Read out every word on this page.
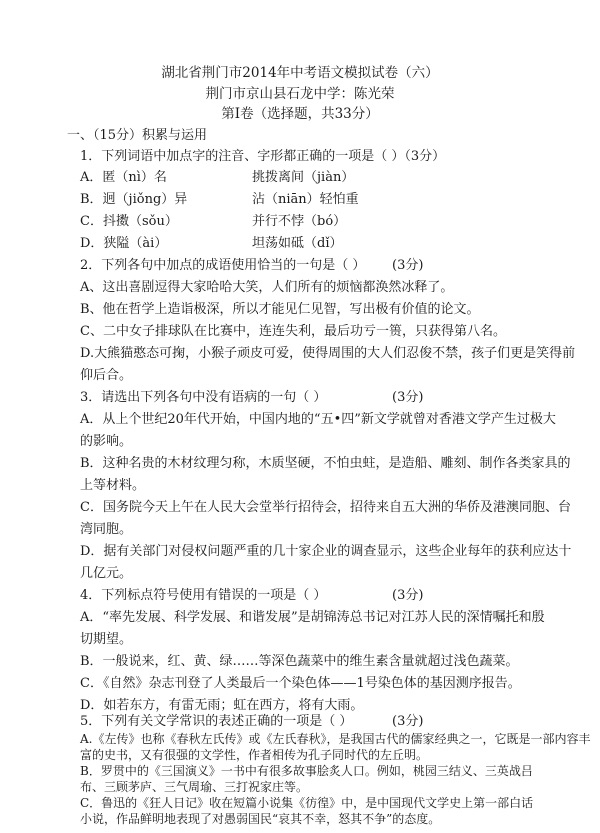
湖北省荆门市2014年中考语文模拟试卷（六）
荆门市京山县石龙中学：陈光荣
第Ⅰ卷（选择题，共33分）
一、（15分）积累与运用
1．下列词语中加点字的注音、字形都正确的一项是（ ）（3分）
A．匿（nì）名	挑拨离间（jiàn）
B．迥（jiǒng）异	沾（niān）轻怕重
C．抖擞（sǒu）	并行不悖（bó）
D．狭隘（ài）	坦荡如砥（dǐ）
2．下列各句中加点的成语使用恰当的一句是（ ） (3分)
A、这出喜剧逗得大家哈哈大笑，人们所有的烦恼都涣然冰释了。
B、他在哲学上造诣极深，所以才能见仁见智，写出极有价值的论文。
C、二中女子排球队在比赛中，连连失利，最后功亏一篑，只获得第八名。
D.大熊猫憨态可掬，小猴子顽皮可爱，使得周围的大人们忍俊不禁，孩子们更是笑得前
仰后合。
3．请选出下列各句中没有语病的一句（ ）	(3分)
A．从上个世纪20年代开始，中国内地的“五•四”新文学就曾对香港文学产生过极大
的影响。
B．这种名贵的木材纹理匀称，木质坚硬，不怕虫蛀，是造船、雕刻、制作各类家具的
上等材料。
C．国务院今天上午在人民大会堂举行招待会，招待来自五大洲的华侨及港澳同胞、台
湾同胞。
D．据有关部门对侵权问题严重的几十家企业的调查显示，这些企业每年的获利应达十
几亿元。
4．下列标点符号使用有错误的一项是（ ）	(3分)
A．“率先发展、科学发展、和谐发展”是胡锦涛总书记对江苏人民的深情嘱托和殷
切期望。
B．一般说来，红、黄、绿……等深色蔬菜中的维生素含量就超过浅色蔬菜。
C．《自然》杂志刊登了人类最后一个染色体——1号染色体的基因测序报告。
D．如若东方，有雷无雨；虹在西方，将有大雨。
5．下列有关文学常识的表述正确的一项是（ ）	(3分)
A.《左传》也称《春秋左氏传》或《左氏春秋》，是我国古代的儒家经典之一，它既是一部内容丰
富的史书，又有很强的文学性，作者相传为孔子同时代的左丘明。
B．罗贯中的《三国演义》一书中有很多故事脍炙人口。例如，桃园三结义、三英战吕
布、三顾茅庐、三气周瑜、三打祝家庄等。
C．鲁迅的《狂人日记》收在短篇小说集《彷徨》中，是中国现代文学史上第一部白话
小说，作品鲜明地表现了对愚弱国民“哀其不幸，怒其不争”的态度。
